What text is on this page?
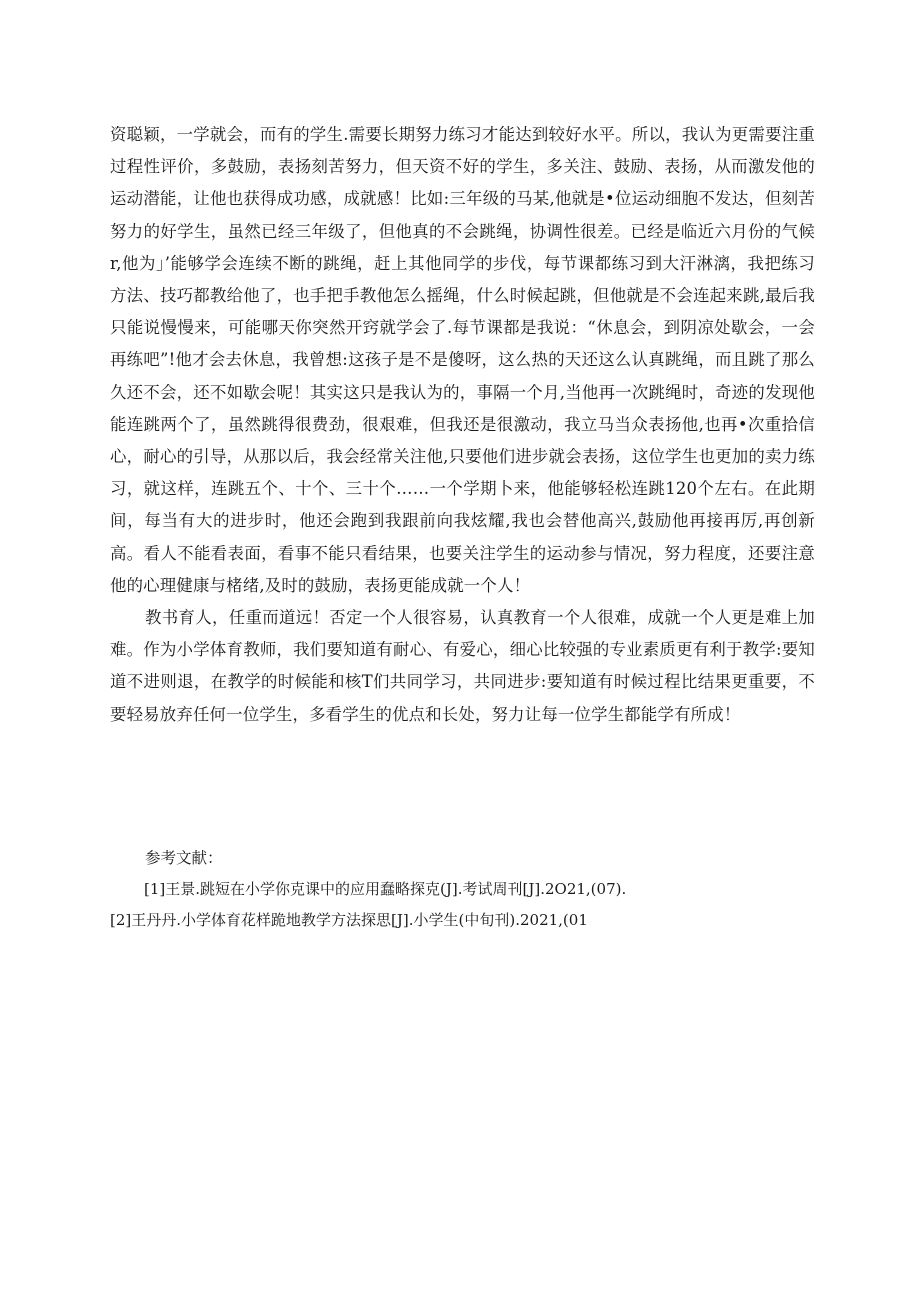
资聪颖，一学就会，而有的学生.需要长期努力练习才能达到较好水平。所以，我认为更需要注重过程性评价，多鼓励，表扬刻苦努力，但天资不好的学生，多关注、鼓励、表扬，从而激发他的运动潜能，让他也获得成功感，成就感！比如:三年级的马某,他就是•位运动细胞不发达，但刻苦努力的好学生，虽然已经三年级了，但他真的不会跳绳，协调性很差。已经是临近六月份的气候r,他为」’能够学会连续不断的跳绳，赶上其他同学的步伐，每节课都练习到大汗淋漓，我把练习方法、技巧都教给他了，也手把手教他怎么摇绳，什么时候起跳，但他就是不会连起来跳,最后我只能说慢慢来，可能哪天你突然开窍就学会了.每节课都是我说：“休息会，到阴凉处歇会，一会再练吧”!他才会去休息，我曾想:这孩子是不是傻呀，这么热的天还这么认真跳绳，而且跳了那么久还不会，还不如歇会呢！其实这只是我认为的，事隔一个月,当他再一次跳绳时，奇迹的发现他能连跳两个了，虽然跳得很费劲，很艰难，但我还是很激动，我立马当众表扬他,也再•次重拾信心，耐心的引导，从那以后，我会经常关注他,只要他们进步就会表扬，这位学生也更加的卖力练习，就这样，连跳五个、十个、三十个……一个学期卜来，他能够轻松连跳120个左右。在此期间，每当有大的进步时，他还会跑到我跟前向我炫耀,我也会替他高兴,鼓励他再接再厉,再创新高。看人不能看表面，看事不能只看结果，也要关注学生的运动参与情况，努力程度，还要注意他的心理健康与楮绪,及时的鼓励，表扬更能成就一个人！

教书育人，任重而道远！否定一个人很容易，认真教育一个人很难，成就一个人更是难上加难。作为小学体育教师，我们要知道有耐心、有爱心，细心比较强的专业素质更有利于教学:要知道不进则退，在教学的时候能和核T们共同学习，共同进步:要知道有时候过程比结果更重要，不要轻易放弃任何一位学生，多看学生的优点和长处，努力让每一位学生都能学有所成！

参考文献：

[1]王景.跳短在小学你克课中的应用蠢略探克(J].考试周刊[J].2O21,(07).

[2]王丹丹.小学体育花样跪地教学方法探思[J].小学生(中旬刊).2021,(01
